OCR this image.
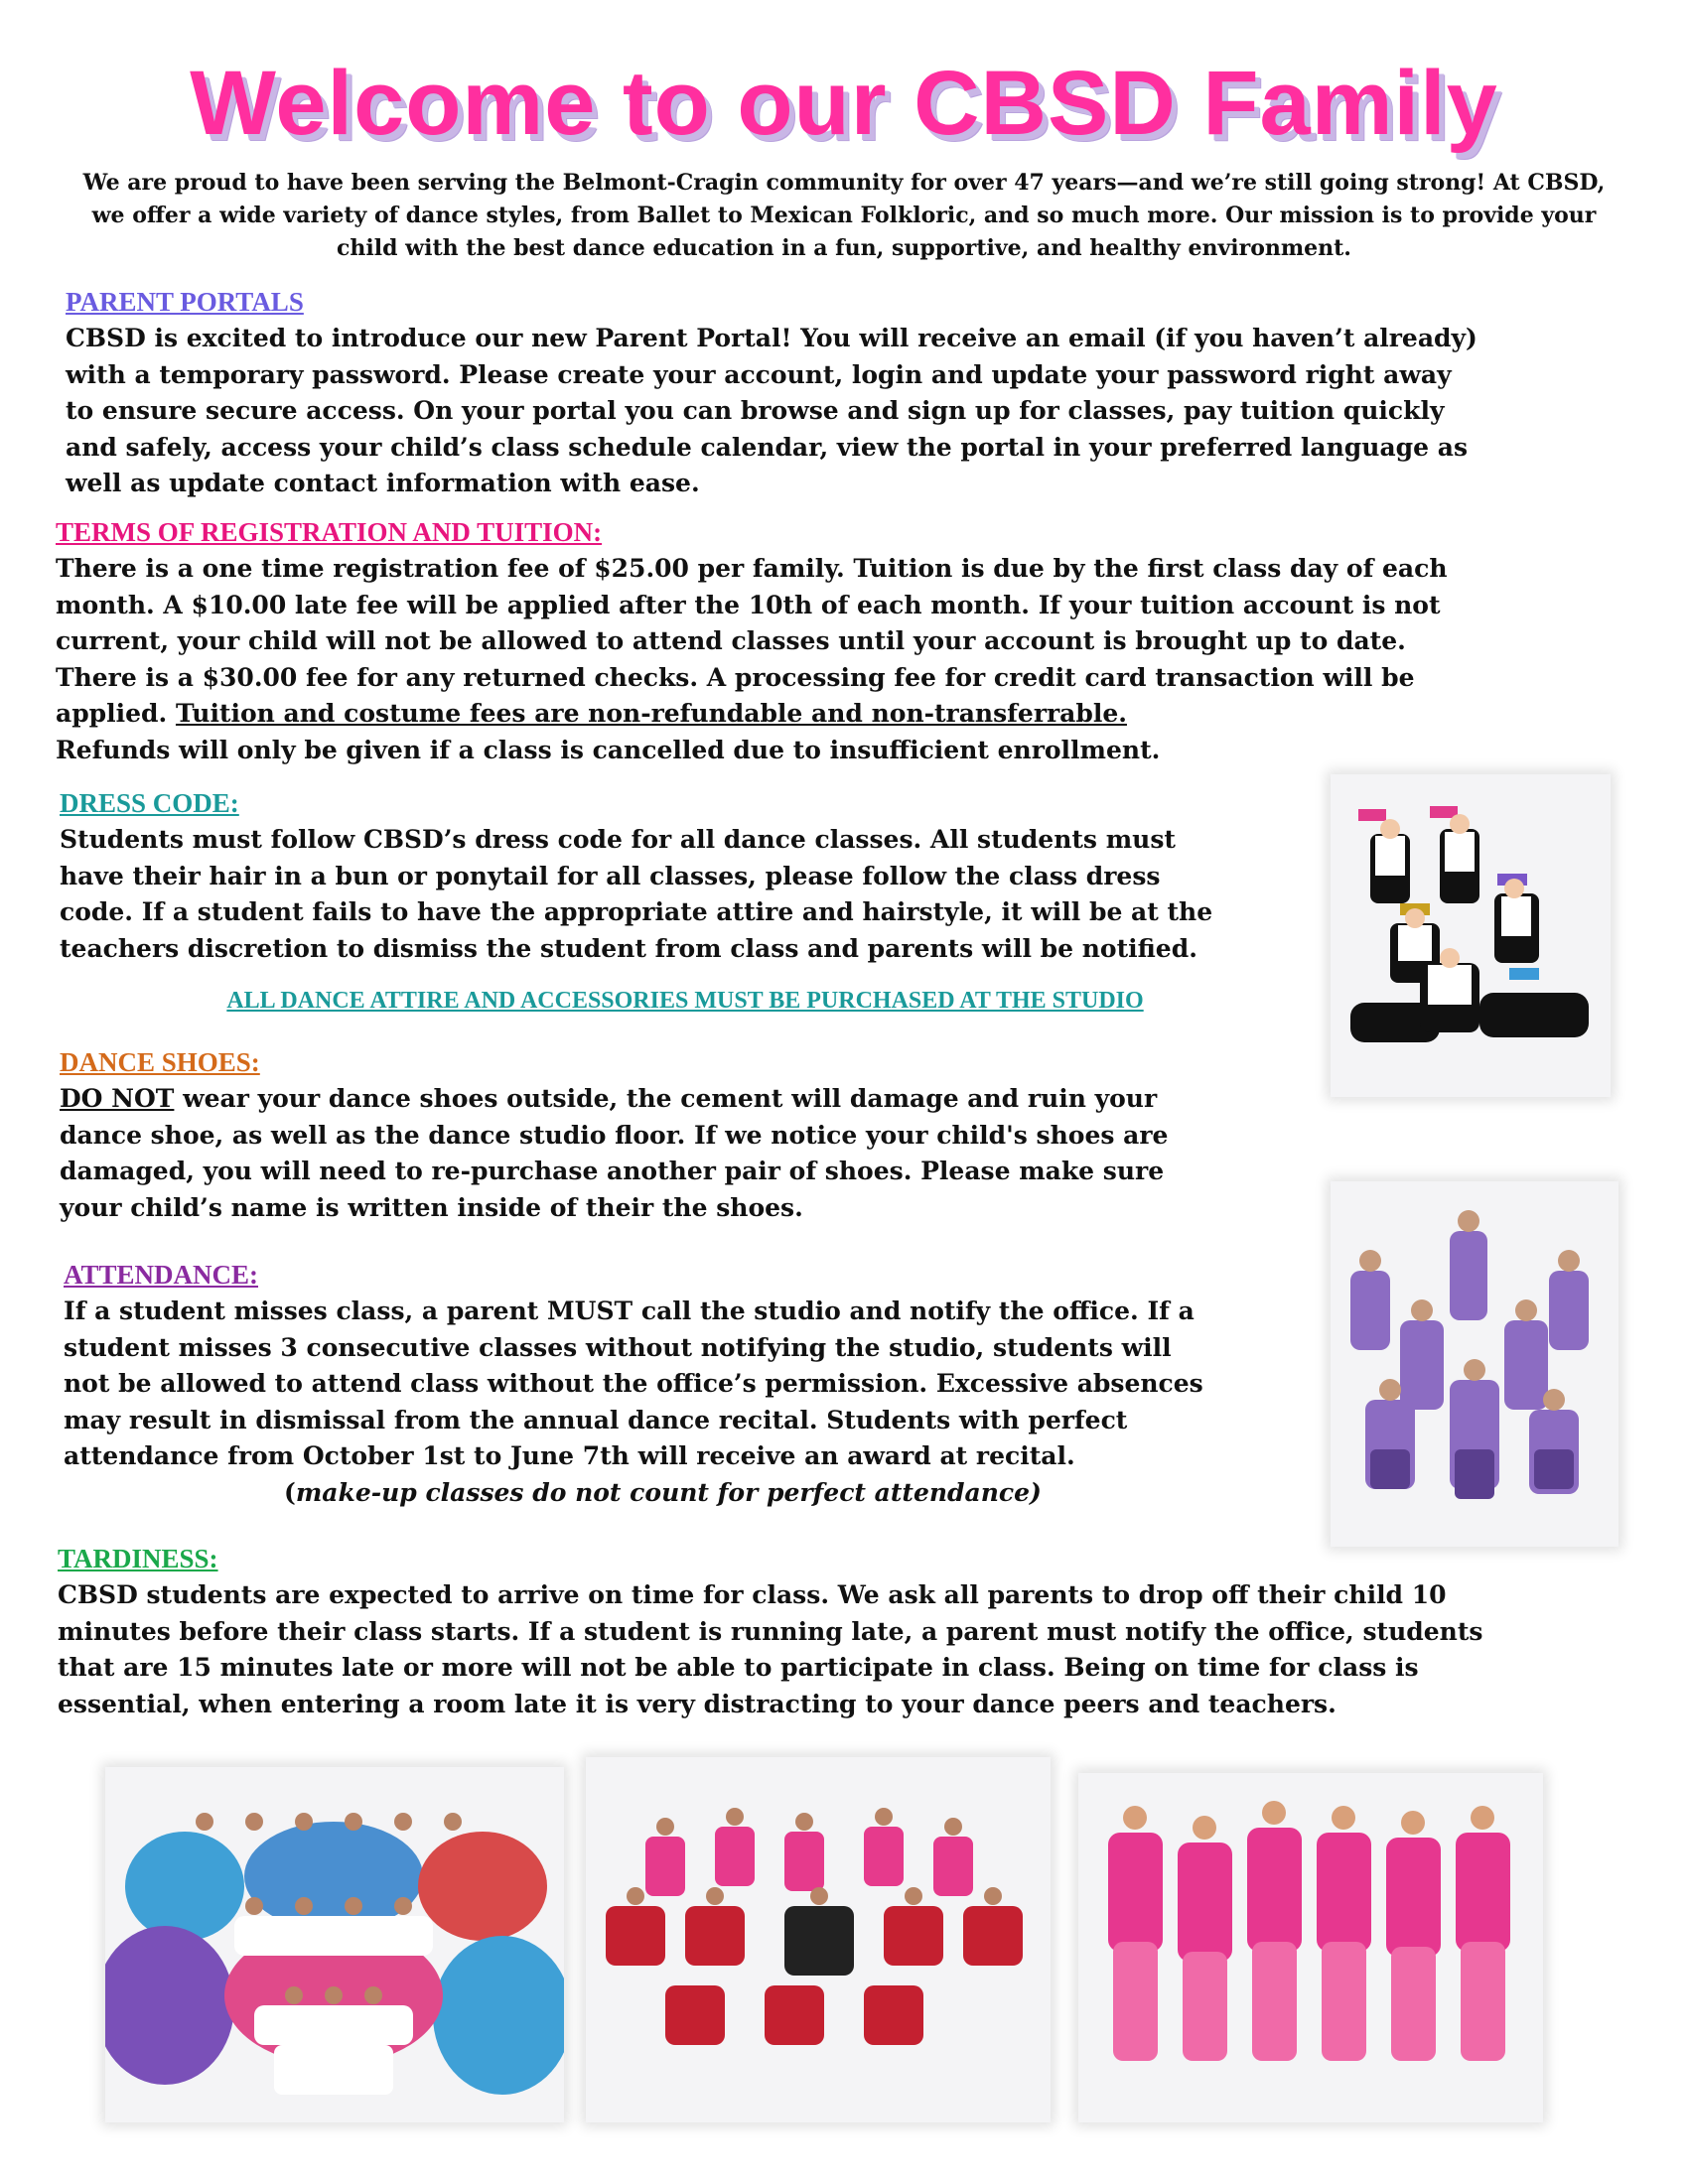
Welcome to our CBSD Family
We are proud to have been serving the Belmont-Cragin community for over 47 years—and we’re still going strong! At CBSD,
we offer a wide variety of dance styles, from Ballet to Mexican Folkloric, and so much more. Our mission is to provide your
child with the best dance education in a fun, supportive, and healthy environment.
PARENT PORTALS
CBSD is excited to introduce our new Parent Portal! You will receive an email (if you haven’t already)
with a temporary password. Please create your account, login and update your password right away
to ensure secure access. On your portal you can browse and sign up for classes, pay tuition quickly
and safely, access your child’s class schedule calendar, view the portal in your preferred language as
well as update contact information with ease.
TERMS OF REGISTRATION AND TUITION:
There is a one time registration fee of $25.00 per family. Tuition is due by the first class day of each
month. A $10.00 late fee will be applied after the 10th of each month. If your tuition account is not
current, your child will not be allowed to attend classes until your account is brought up to date.
There is a $30.00 fee for any returned checks. A processing fee for credit card transaction will be
applied. Tuition and costume fees are non-refundable and non-transferrable.
Refunds will only be given if a class is cancelled due to insufficient enrollment.
DRESS CODE:
Students must follow CBSD’s dress code for all dance classes. All students must
have their hair in a bun or ponytail for all classes, please follow the class dress
code. If a student fails to have the appropriate attire and hairstyle, it will be at the
teachers discretion to dismiss the student from class and parents will be notified.
ALL DANCE ATTIRE AND ACCESSORIES MUST BE PURCHASED AT THE STUDIO
DANCE SHOES:
DO NOT wear your dance shoes outside, the cement will damage and ruin your
dance shoe, as well as the dance studio floor. If we notice your child's shoes are
damaged, you will need to re-purchase another pair of shoes. Please make sure
your child’s name is written inside of their the shoes.
ATTENDANCE:
If a student misses class, a parent MUST call the studio and notify the office. If a
student misses 3 consecutive classes without notifying the studio, students will
not be allowed to attend class without the office’s permission. Excessive absences
may result in dismissal from the annual dance recital. Students with perfect
attendance from October 1st to June 7th will receive an award at recital.
(make-up classes do not count for perfect attendance)
TARDINESS:
CBSD students are expected to arrive on time for class. We ask all parents to drop off their child 10
minutes before their class starts. If a student is running late, a parent must notify the office, students
that are 15 minutes late or more will not be able to participate in class. Being on time for class is
essential, when entering a room late it is very distracting to your dance peers and teachers.
